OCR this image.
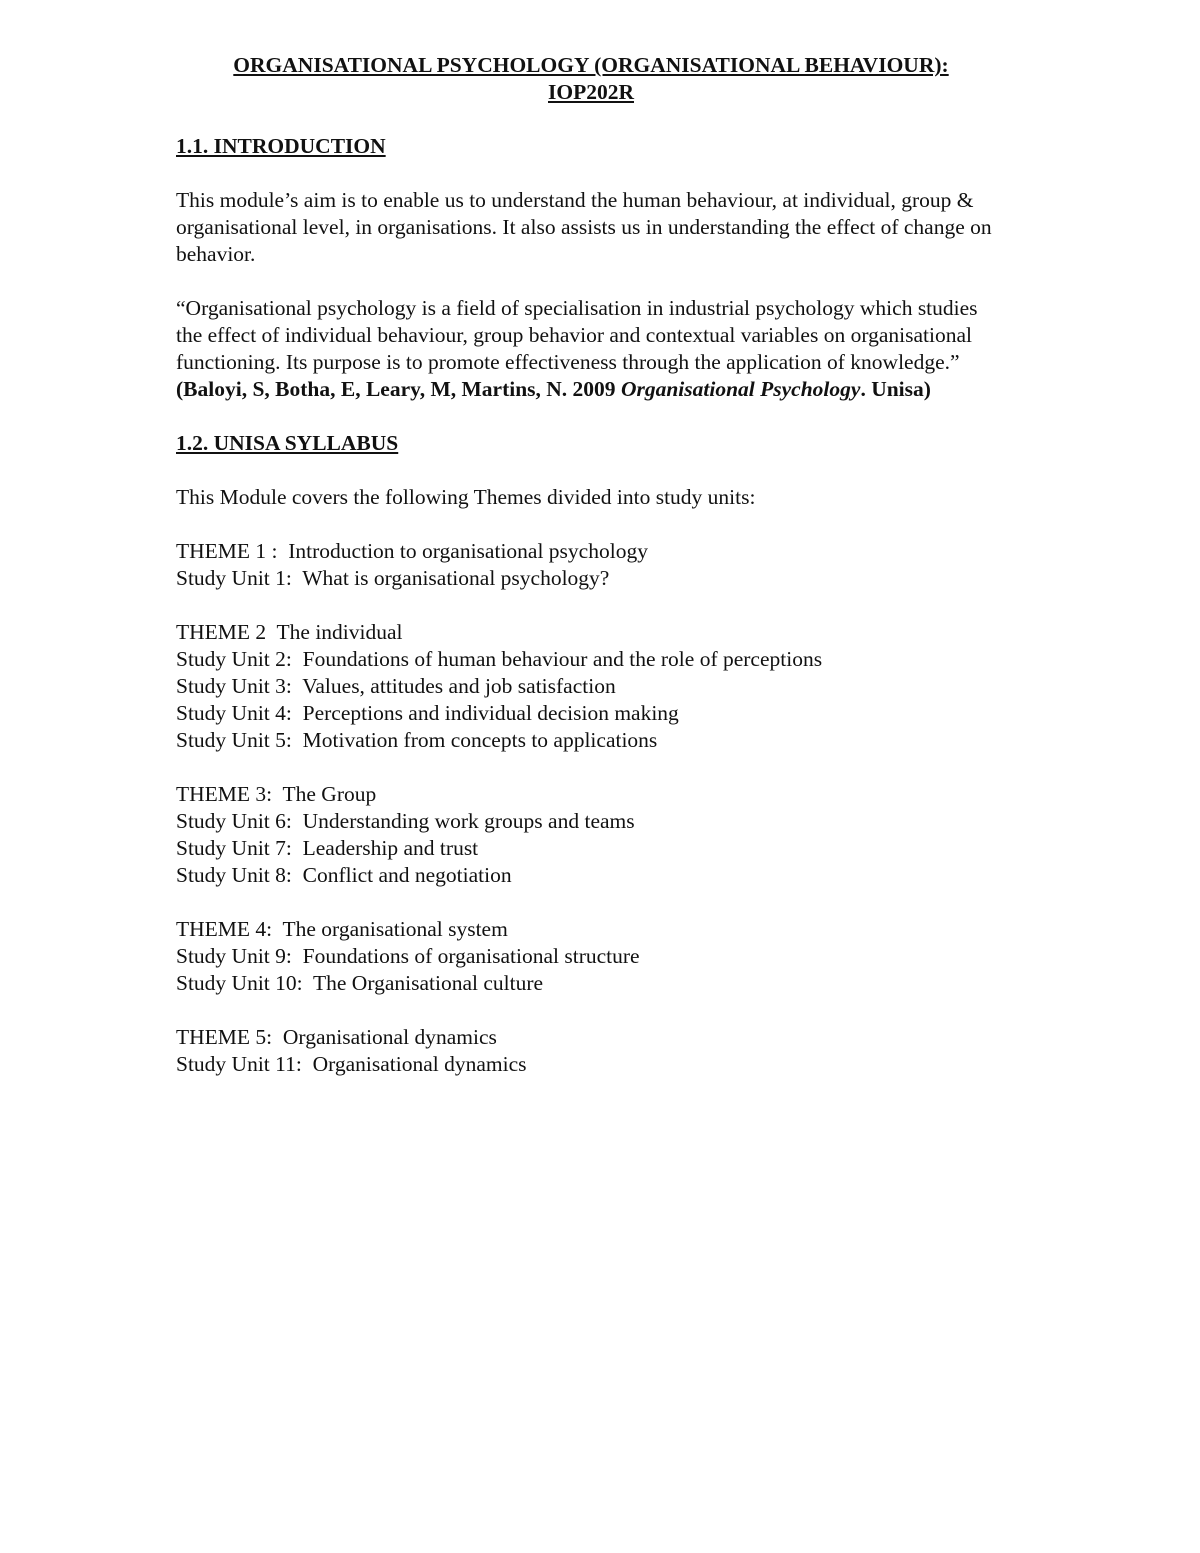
ORGANISATIONAL PSYCHOLOGY (ORGANISATIONAL BEHAVIOUR):
IOP202R
1.1. INTRODUCTION

This module’s aim is to enable us to understand the human behaviour, at individual, group & organisational level, in organisations. It also assists us in understanding the effect of change on behavior.

“Organisational psychology is a field of specialisation in industrial psychology which studies the effect of individual behaviour, group behavior and contextual variables on organisational functioning. Its purpose is to promote effectiveness through the application of knowledge.” (Baloyi, S, Botha, E, Leary, M, Martins, N. 2009 Organisational Psychology. Unisa)

1.2. UNISA SYLLABUS

This Module covers the following Themes divided into study units:

THEME 1 :  Introduction to organisational psychology
Study Unit 1:  What is organisational psychology?
THEME 2  The individual
Study Unit 2:  Foundations of human behaviour and the role of perceptions
Study Unit 3:  Values, attitudes and job satisfaction
Study Unit 4:  Perceptions and individual decision making
Study Unit 5:  Motivation from concepts to applications
THEME 3:  The Group
Study Unit 6:  Understanding work groups and teams
Study Unit 7:  Leadership and trust
Study Unit 8:  Conflict and negotiation
THEME 4:  The organisational system
Study Unit 9:  Foundations of organisational structure
Study Unit 10:  The Organisational culture
THEME 5:  Organisational dynamics
Study Unit 11:  Organisational dynamics
